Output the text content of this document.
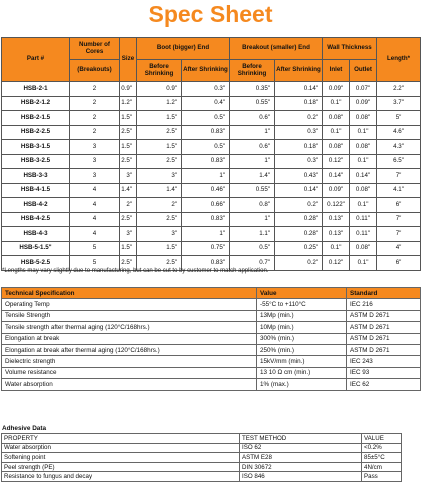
Spec Sheet
Part #	Number of Cores	Size	Boot (bigger) End		Breakout (smaller) End		Wall Thickness		Length*
	(Breakouts)		Before Shrinking	After Shrinking	Before Shrinking	After Shrinking	Inlet	Outlet	
HSB-2-1	2	0.9"	0.9"	0.3"	0.35"	0.14"	0.09"	0.07"	2.2"
HSB-2-1.2	2	1.2"	1.2"	0.4"	0.55"	0.18"	0.1"	0.09"	3.7"
HSB-2-1.5	2	1.5"	1.5"	0.5"	0.6"	0.2"	0.08"	0.08"	5"
HSB-2-2.5	2	2.5"	2.5"	0.83"	1"	0.3"	0.1"	0.1"	4.6"
HSB-3-1.5	3	1.5"	1.5"	0.5"	0.6"	0.18"	0.08"	0.08"	4.3"
HSB-3-2.5	3	2.5"	2.5"	0.83"	1"	0.3"	0.12"	0.1"	6.5"
HSB-3-3	3	3"	3"	1"	1.4"	0.43"	0.14"	0.14"	7"
HSB-4-1.5	4	1.4"	1.4"	0.46"	0.55"	0.14"	0.09"	0.08"	4.1"
HSB-4-2	4	2"	2"	0.66"	0.8"	0.2"	0.122"	0.1"	6"
HSB-4-2.5	4	2.5"	2.5"	0.83"	1"	0.28"	0.13"	0.11"	7"
HSB-4-3	4	3"	3"	1"	1.1"	0.28"	0.13"	0.11"	7"
HSB-5-1.5"	5	1.5"	1.5"	0.75"	0.5"	0.25"	0.1"	0.08"	4"
HSB-5-2.5	5	2.5"	2.5"	0.83"	0.7"	0.2"	0.12"	0.1"	6"
*Lengths may vary slightly due to manufacturing, but can be cut to by customer to match application.
Technical Specification	Value	Standard
Operating Temp	-55°C to +110°C	IEC 216
Tensile Strength	13Mp (min.)	ASTM D 2671
Tensile strength after thermal aging (120°C/168hrs.)	10Mp (min.)	ASTM D 2671
Elongation at break	300% (min.)	ASTM D 2671
Elongation at break after thermal aging (120°C/168hrs.)	250% (min.)	ASTM D 2671
Dielectric strength	15kV/mm (min.)	IEC 243
Volume resistance	13 10 Ω cm (min.)	IEC 93
Water absorption	1% (max.)	IEC 62
Adhesive Data
PROPERTY	TEST METHOD	VALUE
Water absorption	ISO 62	<0.2%
Softening point	ASTM E28	85±5°C
Peel strength (PE)	DIN 30672	4N/cm
Resistance to fungus and decay	ISO 846	Pass
